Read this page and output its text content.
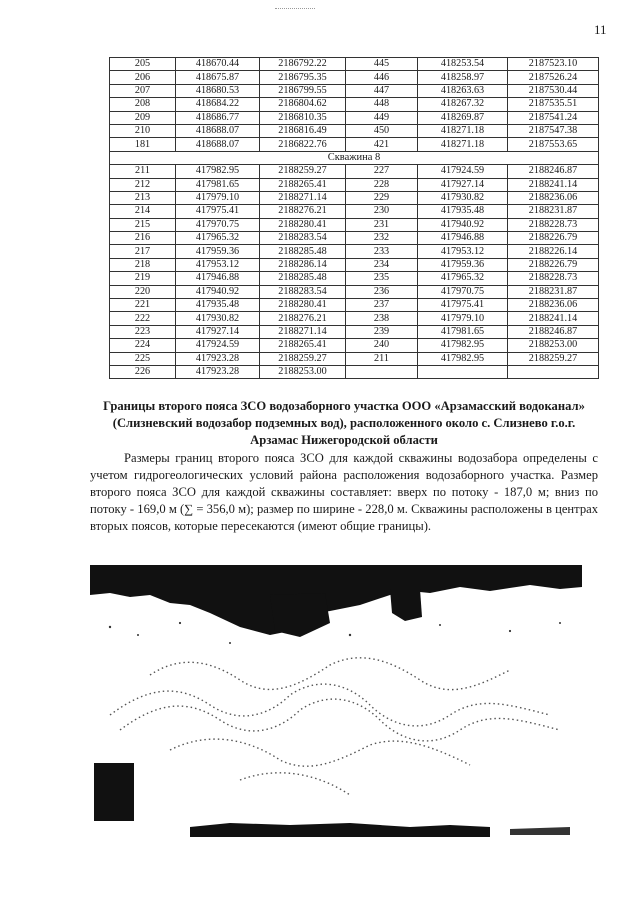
11
205	418670.44	2186792.22	445	418253.54	2187523.10
206	418675.87	2186795.35	446	418258.97	2187526.24
207	418680.53	2186799.55	447	418263.63	2187530.44
208	418684.22	2186804.62	448	418267.32	2187535.51
209	418686.77	2186810.35	449	418269.87	2187541.24
210	418688.07	2186816.49	450	418271.18	2187547.38
181	418688.07	2186822.76	421	418271.18	2187553.65
Скважина 8					
211	417982.95	2188259.27	227	417924.59	2188246.87
212	417981.65	2188265.41	228	417927.14	2188241.14
213	417979.10	2188271.14	229	417930.82	2188236.06
214	417975.41	2188276.21	230	417935.48	2188231.87
215	417970.75	2188280.41	231	417940.92	2188228.73
216	417965.32	2188283.54	232	417946.88	2188226.79
217	417959.36	2188285.48	233	417953.12	2188226.14
218	417953.12	2188286.14	234	417959.36	2188226.79
219	417946.88	2188285.48	235	417965.32	2188228.73
220	417940.92	2188283.54	236	417970.75	2188231.87
221	417935.48	2188280.41	237	417975.41	2188236.06
222	417930.82	2188276.21	238	417979.10	2188241.14
223	417927.14	2188271.14	239	417981.65	2188246.87
224	417924.59	2188265.41	240	417982.95	2188253.00
225	417923.28	2188259.27	211	417982.95	2188259.27
226	417923.28	2188253.00			
Границы второго пояса ЗСО водозаборного участка ООО «Арзамасский водоканал» (Слизневский водозабор подземных вод), расположенного около с. Слизнево г.о.г. Арзамас Нижегородской области

Размеры границ второго пояса ЗСО для каждой скважины водозабора определены с учетом гидрогеологических условий района расположения водозаборного участка. Размер второго пояса ЗСО для каждой скважины составляет: вверх по потоку - 187,0 м; вниз по потоку - 169,0 м (∑ = 356,0 м); размер по ширине - 228,0 м. Скважины расположены в центрах вторых поясов, которые пересекаются (имеют общие границы).
